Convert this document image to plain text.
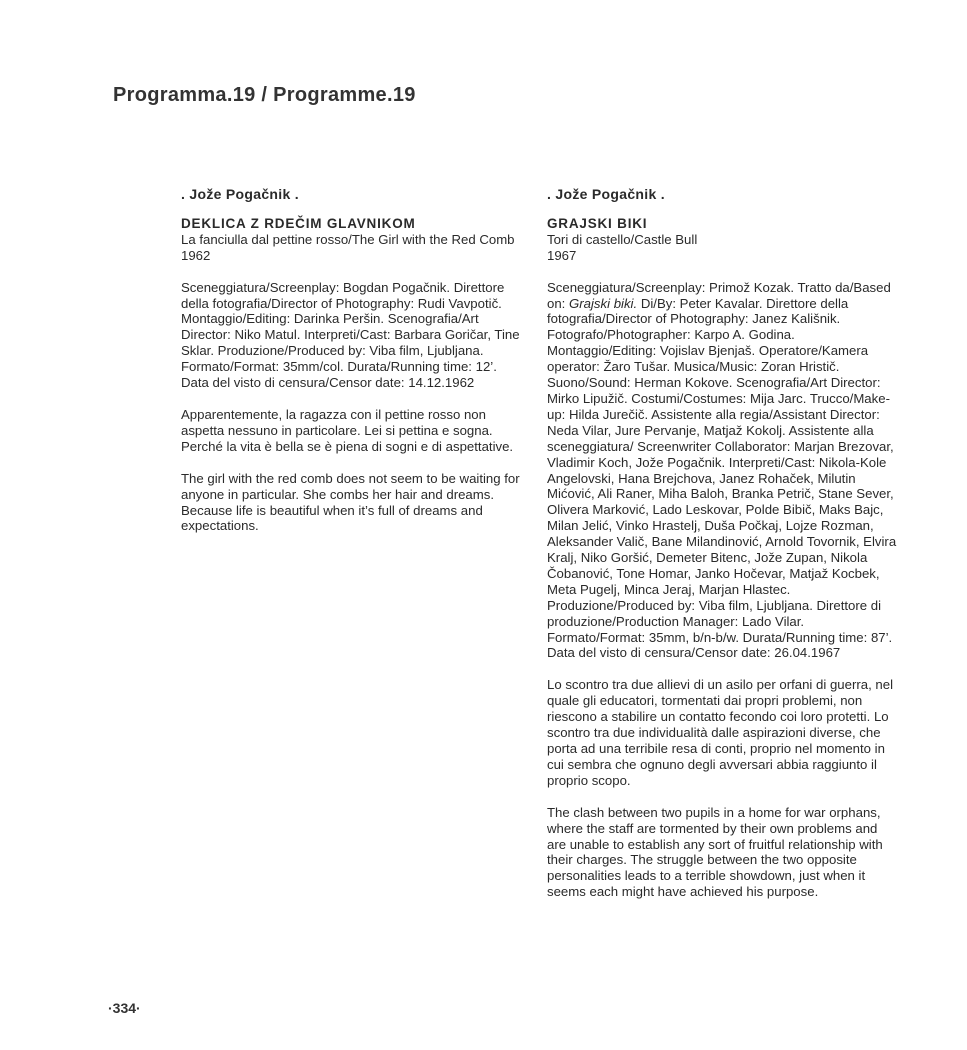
Programma.19 / Programme.19
. Jože Pogačnik .
DEKLICA Z RDEČIM GLAVNIKOM
La fanciulla dal pettine rosso/The Girl with the Red Comb
1962
Sceneggiatura/Screenplay: Bogdan Pogačnik. Direttore della fotografia/Director of Photography: Rudi Vavpotič. Montaggio/Editing: Darinka Peršin. Scenografia/Art Director: Niko Matul. Interpreti/Cast: Barbara Goričar, Tine Sklar. Produzione/Produced by: Viba film, Ljubljana. Formato/Format: 35mm/col. Durata/Running time: 12’.
Data del visto di censura/Censor date: 14.12.1962

Apparentemente, la ragazza con il pettine rosso non aspetta nessuno in particolare. Lei si pettina e sogna. Perché la vita è bella se è piena di sogni e di aspettative.

The girl with the red comb does not seem to be waiting for anyone in particular. She combs her hair and dreams. Because life is beautiful when it’s full of dreams and expectations.

. Jože Pogačnik .
GRAJSKI BIKI
Tori di castello/Castle Bull
1967
Sceneggiatura/Screenplay: Primož Kozak. Tratto da/Based on: Grajski biki. Di/By: Peter Kavalar. Direttore della fotografia/Director of Photography: Janez Kališnik. Fotografo/Photographer: Karpo A. Godina. Montaggio/Editing: Vojislav Bjenjaš. Operatore/Kamera operator: Žaro Tušar. Musica/Music: Zoran Hristič. Suono/Sound: Herman Kokove. Scenografia/Art Director: Mirko Lipužič. Costumi/Costumes: Mija Jarc. Trucco/Make-up: Hilda Jurečič. Assistente alla regia/Assistant Director: Neda Vilar, Jure Pervanje, Matjaž Kokolj. Assistente alla sceneggiatura/ Screenwriter Collaborator: Marjan Brezovar, Vladimir Koch, Jože Pogačnik. Interpreti/Cast: Nikola-Kole Angelovski, Hana Brejchova, Janez Rohaček, Milutin Mićović, Ali Raner, Miha Baloh, Branka Petrič, Stane Sever, Olivera Marković, Lado Leskovar, Polde Bibič, Maks Bajc, Milan Jelić, Vinko Hrastelj, Duša Počkaj, Lojze Rozman, Aleksander Valič, Bane Milandinović, Arnold Tovornik, Elvira Kralj, Niko Goršić, Demeter Bitenc, Jože Zupan, Nikola Čobanović, Tone Homar, Janko Hočevar, Matjaž Kocbek, Meta Pugelj, Minca Jeraj, Marjan Hlastec. Produzione/Produced by: Viba film, Ljubljana. Direttore di produzione/Production Manager: Lado Vilar. Formato/Format: 35mm, b/n-b/w. Durata/Running time: 87’.
Data del visto di censura/Censor date: 26.04.1967

Lo scontro tra due allievi di un asilo per orfani di guerra, nel quale gli educatori, tormentati dai propri problemi, non riescono a stabilire un contatto fecondo coi loro protetti. Lo scontro tra due individualità dalle aspirazioni diverse, che porta ad una terribile resa di conti, proprio nel momento in cui sembra che ognuno degli avversari abbia raggiunto il proprio scopo.

The clash between two pupils in a home for war orphans, where the staff are tormented by their own problems and are unable to establish any sort of fruitful relationship with their charges. The struggle between the two opposite personalities leads to a terrible showdown, just when it seems each might have achieved his purpose.

·334·
